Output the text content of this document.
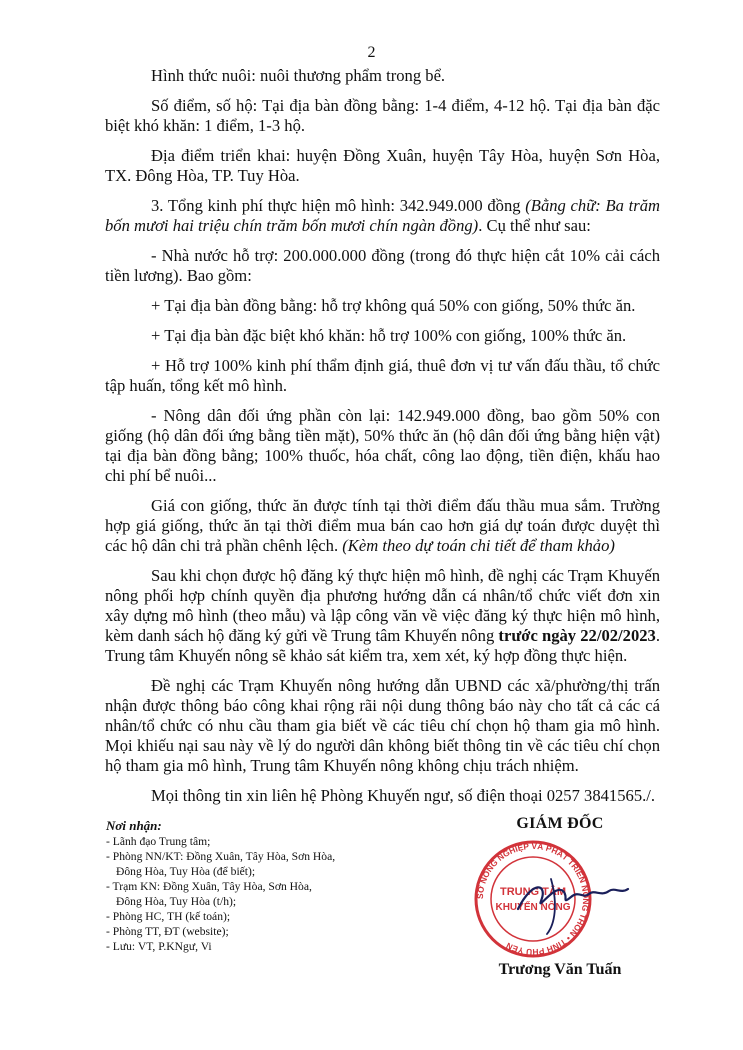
2

Hình thức nuôi: nuôi thương phẩm trong bể.

Số điểm, số hộ: Tại địa bàn đồng bằng: 1-4 điểm, 4-12 hộ. Tại địa bàn đặc biệt khó khăn: 1 điểm, 1-3 hộ.

Địa điểm triển khai: huyện Đồng Xuân, huyện Tây Hòa, huyện Sơn Hòa, TX. Đông Hòa, TP. Tuy Hòa.

3. Tổng kinh phí thực hiện mô hình: 342.949.000 đồng (Bằng chữ: Ba trăm bốn mươi hai triệu chín trăm bốn mươi chín ngàn đồng). Cụ thể như sau:

- Nhà nước hỗ trợ: 200.000.000 đồng (trong đó thực hiện cắt 10% cải cách tiền lương). Bao gồm:

+ Tại địa bàn đồng bằng: hỗ trợ không quá 50% con giống, 50% thức ăn.

+ Tại địa bàn đặc biệt khó khăn: hỗ trợ 100% con giống, 100% thức ăn.

+ Hỗ trợ 100% kinh phí thẩm định giá, thuê đơn vị tư vấn đấu thầu, tổ chức tập huấn, tổng kết mô hình.

- Nông dân đối ứng phần còn lại: 142.949.000 đồng, bao gồm 50% con giống (hộ dân đối ứng bằng tiền mặt), 50% thức ăn (hộ dân đối ứng bằng hiện vật) tại địa bàn đồng bằng; 100% thuốc, hóa chất, công lao động, tiền điện, khấu hao chi phí bể nuôi...

Giá con giống, thức ăn được tính tại thời điểm đấu thầu mua sắm. Trường hợp giá giống, thức ăn tại thời điểm mua bán cao hơn giá dự toán được duyệt thì các hộ dân chi trả phần chênh lệch. (Kèm theo dự toán chi tiết để tham khảo)

Sau khi chọn được hộ đăng ký thực hiện mô hình, đề nghị các Trạm Khuyến nông phối hợp chính quyền địa phương hướng dẫn cá nhân/tổ chức viết đơn xin xây dựng mô hình (theo mẫu) và lập công văn về việc đăng ký thực hiện mô hình, kèm danh sách hộ đăng ký gửi về Trung tâm Khuyến nông trước ngày 22/02/2023. Trung tâm Khuyến nông sẽ khảo sát kiểm tra, xem xét, ký hợp đồng thực hiện.

Đề nghị các Trạm Khuyến nông hướng dẫn UBND các xã/phường/thị trấn nhận được thông báo công khai rộng rãi nội dung thông báo này cho tất cả các cá nhân/tổ chức có nhu cầu tham gia biết về các tiêu chí chọn hộ tham gia mô hình. Mọi khiếu nại sau này về lý do người dân không biết thông tin về các tiêu chí chọn hộ tham gia mô hình, Trung tâm Khuyến nông không chịu trách nhiệm.

Mọi thông tin xin liên hệ Phòng Khuyến ngư, số điện thoại 0257 3841565./.

Nơi nhận:
- Lãnh đạo Trung tâm;
- Phòng NN/KT: Đồng Xuân, Tây Hòa, Sơn Hòa,
Đông Hòa, Tuy Hòa (để biết);
- Trạm KN: Đồng Xuân, Tây Hòa, Sơn Hòa,
Đông Hòa, Tuy Hòa (t/h);
- Phòng HC, TH (kế toán);
- Phòng TT, ĐT (website);
- Lưu: VT, P.KNgư, Vi
GIÁM ĐỐC
SỞ NÔNG NGHIỆP VÀ PHÁT TRIỂN NÔNG THÔN • TỈNH PHÚ YÊN
TRUNG TÂM
KHUYẾN NÔNG
Trương Văn Tuấn
